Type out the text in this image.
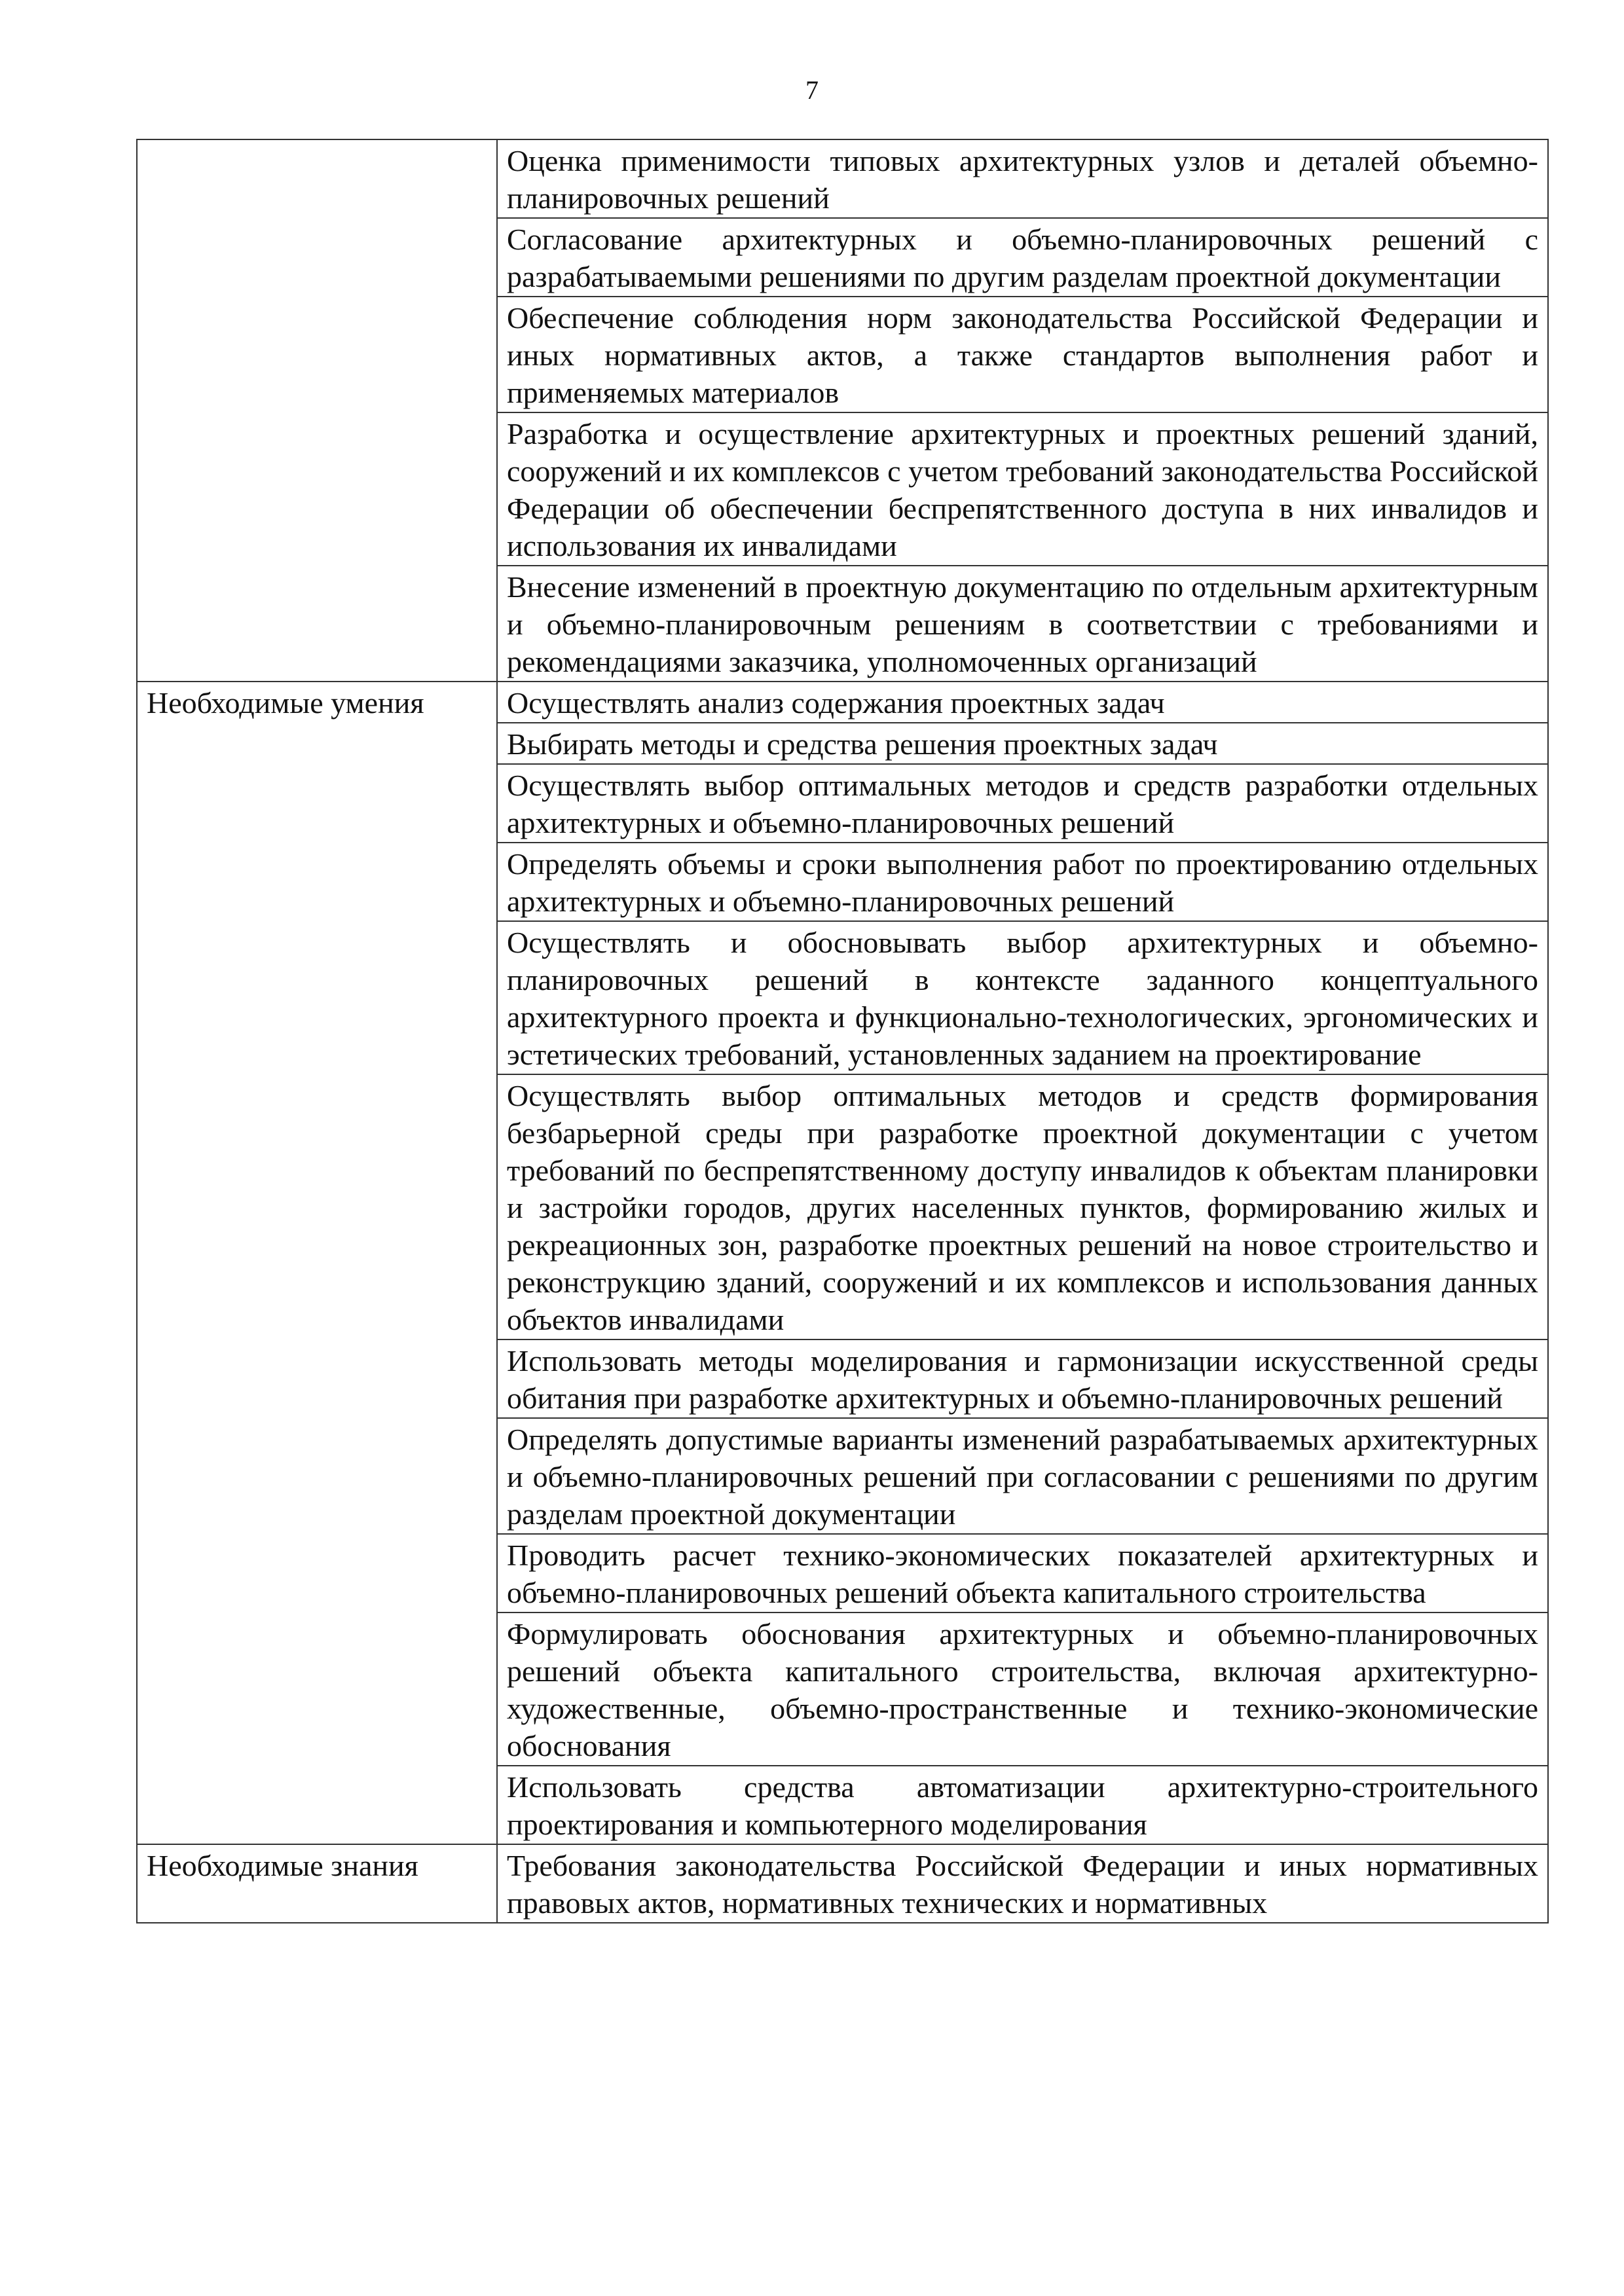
7
	Оценка применимости типовых архитектурных узлов и деталей объемно-планировочных решений
	Согласование архитектурных и объемно-планировочных решений с разрабатываемыми решениями по другим разделам проектной документации
	Обеспечение соблюдения норм законодательства Российской Федерации и иных нормативных актов, а также стандартов выполнения работ и применяемых материалов
	Разработка и осуществление архитектурных и проектных решений зданий, сооружений и их комплексов с учетом требований законодательства Российской Федерации об обеспечении беспрепятственного доступа в них инвалидов и использования их инвалидами
	Внесение изменений в проектную документацию по отдельным архитектурным и объемно-планировочным решениям в соответствии с требованиями и рекомендациями заказчика, уполномоченных организаций
Необходимые умения	Осуществлять анализ содержания проектных задач
	Выбирать методы и средства решения проектных задач
	Осуществлять выбор оптимальных методов и средств разработки отдельных архитектурных и объемно-планировочных решений
	Определять объемы и сроки выполнения работ по проектированию отдельных архитектурных и объемно-планировочных решений
	Осуществлять и обосновывать выбор архитектурных и объемно-планировочных решений в контексте заданного концептуального архитектурного проекта и функционально-технологических, эргономических и эстетических требований, установленных заданием на проектирование
	Осуществлять выбор оптимальных методов и средств формирования безбарьерной среды при разработке проектной документации с учетом требований по беспрепятственному доступу инвалидов к объектам планировки и застройки городов, других населенных пунктов, формированию жилых и рекреационных зон, разработке проектных решений на новое строительство и реконструкцию зданий, сооружений и их комплексов и использования данных объектов инвалидами
	Использовать методы моделирования и гармонизации искусственной среды обитания при разработке архитектурных и объемно-планировочных решений
	Определять допустимые варианты изменений разрабатываемых архитектурных и объемно-планировочных решений при согласовании с решениями по другим разделам проектной документации
	Проводить расчет технико-экономических показателей архитектурных и объемно-планировочных решений объекта капитального строительства
	Формулировать обоснования архитектурных и объемно-планировочных решений объекта капитального строительства, включая архитектурно-художественные, объемно-пространственные и технико-экономические обоснования
	Использовать средства автоматизации архитектурно-строительного проектирования и компьютерного моделирования
Необходимые знания	Требования законодательства Российской Федерации и иных нормативных правовых актов, нормативных технических и нормативных
